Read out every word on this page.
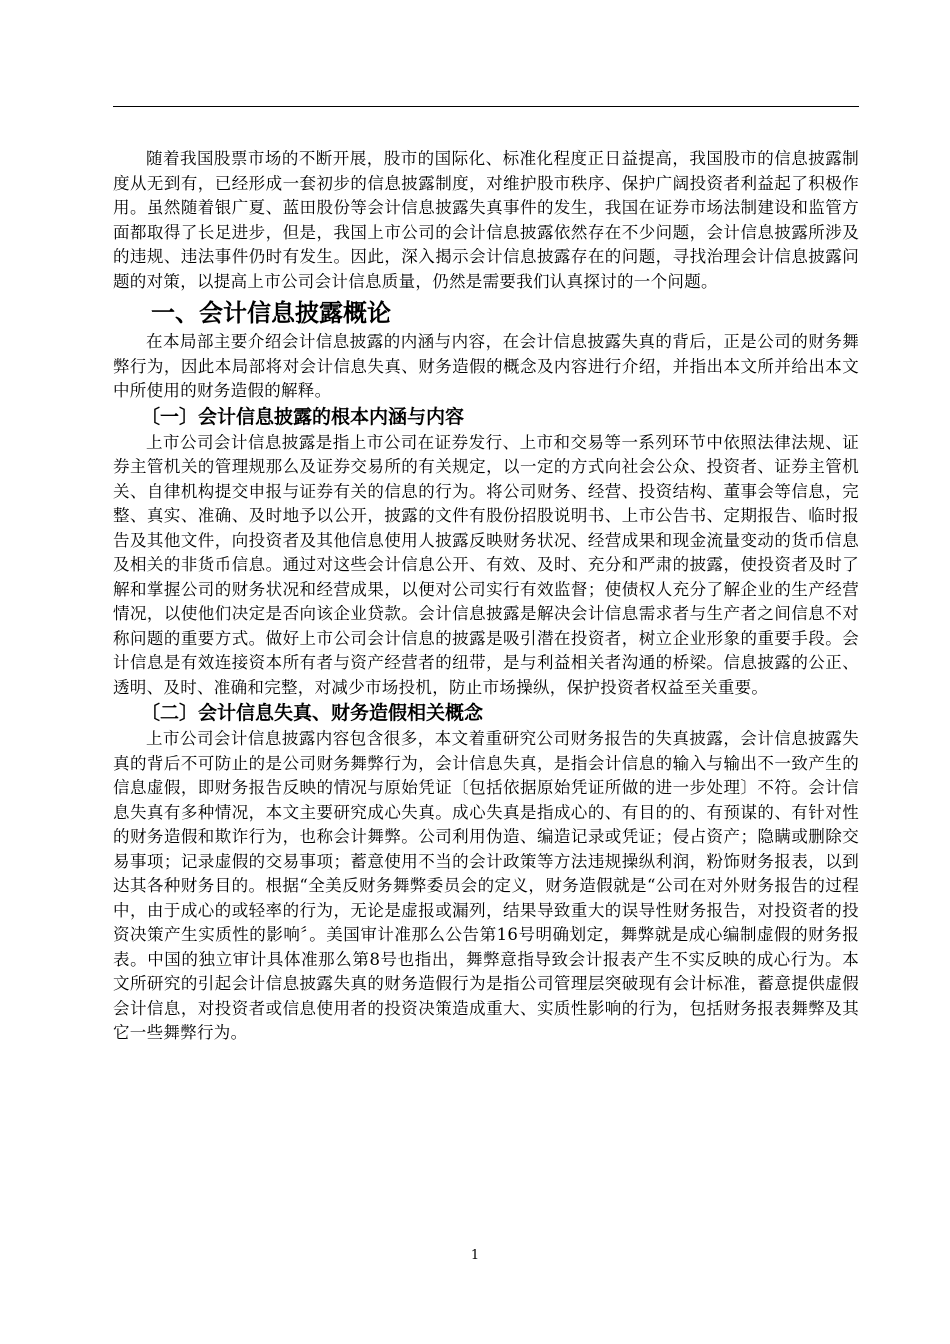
随着我国股票市场的不断开展，股市的国际化、标准化程度正日益提高，我国股市的信息披露制度从无到有，已经形成一套初步的信息披露制度，对维护股市秩序、保护广阔投资者利益起了积极作用。虽然随着银广夏、蓝田股份等会计信息披露失真事件的发生，我国在证券市场法制建设和监管方面都取得了长足进步，但是，我国上市公司的会计信息披露依然存在不少问题，会计信息披露所涉及的违规、违法事件仍时有发生。因此，深入揭示会计信息披露存在的问题，寻找治理会计信息披露问题的对策，以提高上市公司会计信息质量，仍然是需要我们认真探讨的一个问题。

一、会计信息披露概论

在本局部主要介绍会计信息披露的内涵与内容，在会计信息披露失真的背后，正是公司的财务舞弊行为，因此本局部将对会计信息失真、财务造假的概念及内容进行介绍，并指出本文所并给出本文中所使用的财务造假的解释。

〔一〕会计信息披露的根本内涵与内容

上市公司会计信息披露是指上市公司在证券发行、上市和交易等一系列环节中依照法律法规、证券主管机关的管理规那么及证券交易所的有关规定，以一定的方式向社会公众、投资者、证券主管机关、自律机构提交申报与证券有关的信息的行为。将公司财务、经营、投资结构、董事会等信息，完整、真实、准确、及时地予以公开，披露的文件有股份招股说明书、上市公告书、定期报告、临时报告及其他文件，向投资者及其他信息使用人披露反映财务状况、经营成果和现金流量变动的货币信息及相关的非货币信息。通过对这些会计信息公开、有效、及时、充分和严肃的披露，使投资者及时了解和掌握公司的财务状况和经营成果，以便对公司实行有效监督；使债权人充分了解企业的生产经营情况，以使他们决定是否向该企业贷款。会计信息披露是解决会计信息需求者与生产者之间信息不对称问题的重要方式。做好上市公司会计信息的披露是吸引潜在投资者，树立企业形象的重要手段。会计信息是有效连接资本所有者与资产经营者的纽带，是与利益相关者沟通的桥梁。信息披露的公正、透明、及时、准确和完整，对减少市场投机，防止市场操纵，保护投资者权益至关重要。

〔二〕会计信息失真、财务造假相关概念

上市公司会计信息披露内容包含很多，本文着重研究公司财务报告的失真披露，会计信息披露失真的背后不可防止的是公司财务舞弊行为，会计信息失真，是指会计信息的输入与输出不一致产生的信息虚假，即财务报告反映的情况与原始凭证〔包括依据原始凭证所做的进一步处理〕不符。会计信息失真有多种情况，本文主要研究成心失真。成心失真是指成心的、有目的的、有预谋的、有针对性的财务造假和欺诈行为，也称会计舞弊。公司利用伪造、编造记录或凭证；侵占资产；隐瞒或删除交易事项；记录虚假的交易事项；蓄意使用不当的会计政策等方法违规操纵利润，粉饰财务报表，以到达其各种财务目的。根据“全美反财务舞弊委员会的定义，财务造假就是“公司在对外财务报告的过程中，由于成心的或轻率的行为，无论是虚报或漏列，结果导致重大的误导性财务报告，对投资者的投资决策产生实质性的影响〞。美国审计准那么公告第16号明确划定，舞弊就是成心编制虚假的财务报表。中国的独立审计具体准那么第8号也指出，舞弊意指导致会计报表产生不实反映的成心行为。本文所研究的引起会计信息披露失真的财务造假行为是指公司管理层突破现有会计标准，蓄意提供虚假会计信息，对投资者或信息使用者的投资决策造成重大、实质性影响的行为，包括财务报表舞弊及其它一些舞弊行为。

1
